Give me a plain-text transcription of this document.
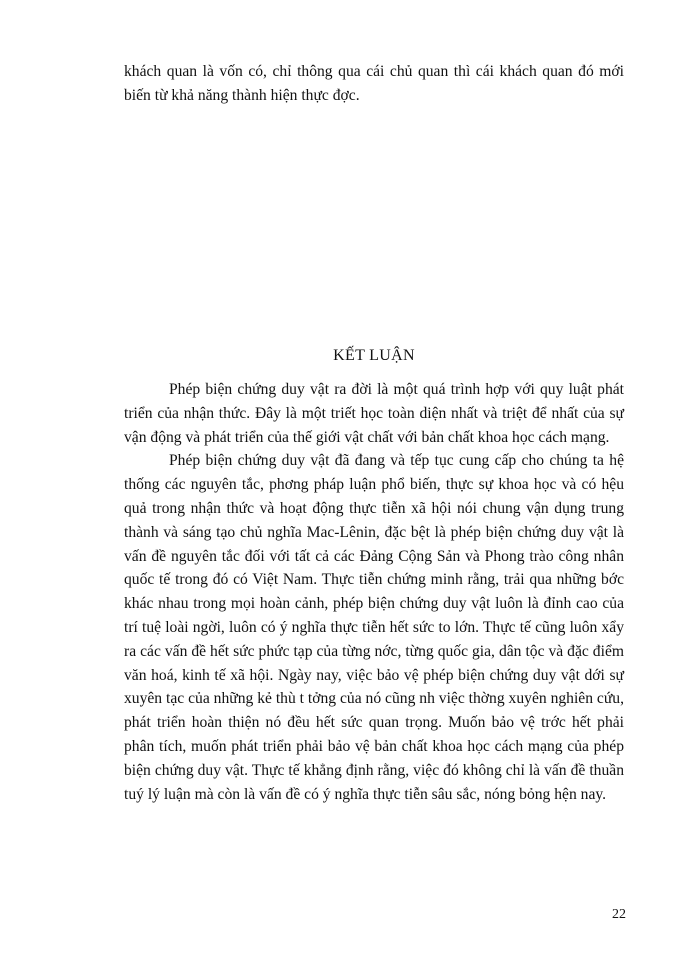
khách quan là vốn có, chỉ thông qua cái chủ quan thì cái khách quan đó mới biến từ khả năng thành hiện thực đợc.

KẾT LUẬN

Phép biện chứng duy vật ra đời là một quá trình hợp với quy luật phát triển của nhận thức. Đây là một triết học toàn diện nhất và triệt để nhất của sự vận động và phát triển của thế giới vật chất với bản chất khoa học cách mạng.

Phép biện chứng duy vật đã đang và tếp tục cung cấp cho chúng ta hệ thống các nguyên tắc, phơng pháp luận phổ biến, thực sự khoa học và có hệu quả trong nhận thức và hoạt động thực tiễn xã hội nói chung vận dụng trung thành và sáng tạo chủ nghĩa Mac-Lênin, đặc bệt là phép biện chứng duy vật là vấn đề nguyên tắc đối với tất cả các Đảng Cộng Sản và Phong trào công nhân quốc tế trong đó có Việt Nam. Thực tiễn chứng minh rằng, trải qua những bớc khác nhau trong mọi hoàn cảnh, phép biện chứng duy vật luôn là đỉnh cao của trí tuệ loài ngời, luôn có ý nghĩa thực tiễn hết sức to lớn. Thực tế cũng luôn xẩy ra các vấn đề hết sức phức tạp của từng nớc, từng quốc gia, dân tộc và đặc điểm văn hoá, kinh tế xã hội. Ngày nay, việc bảo vệ phép biện chứng duy vật dới sự xuyên tạc của những kẻ thù t tởng của nó cũng nh việc thờng xuyên nghiên cứu, phát triển hoàn thiện nó đều hết sức quan trọng. Muốn bảo vệ trớc hết phải phân tích, muốn phát triển phải bảo vệ bản chất khoa học cách mạng của phép biện chứng duy vật. Thực tế khẳng định rằng, việc đó không chỉ là vấn đề thuần tuý lý luận mà còn là vấn đề có ý nghĩa thực tiễn sâu sắc, nóng bỏng hện nay.

22
